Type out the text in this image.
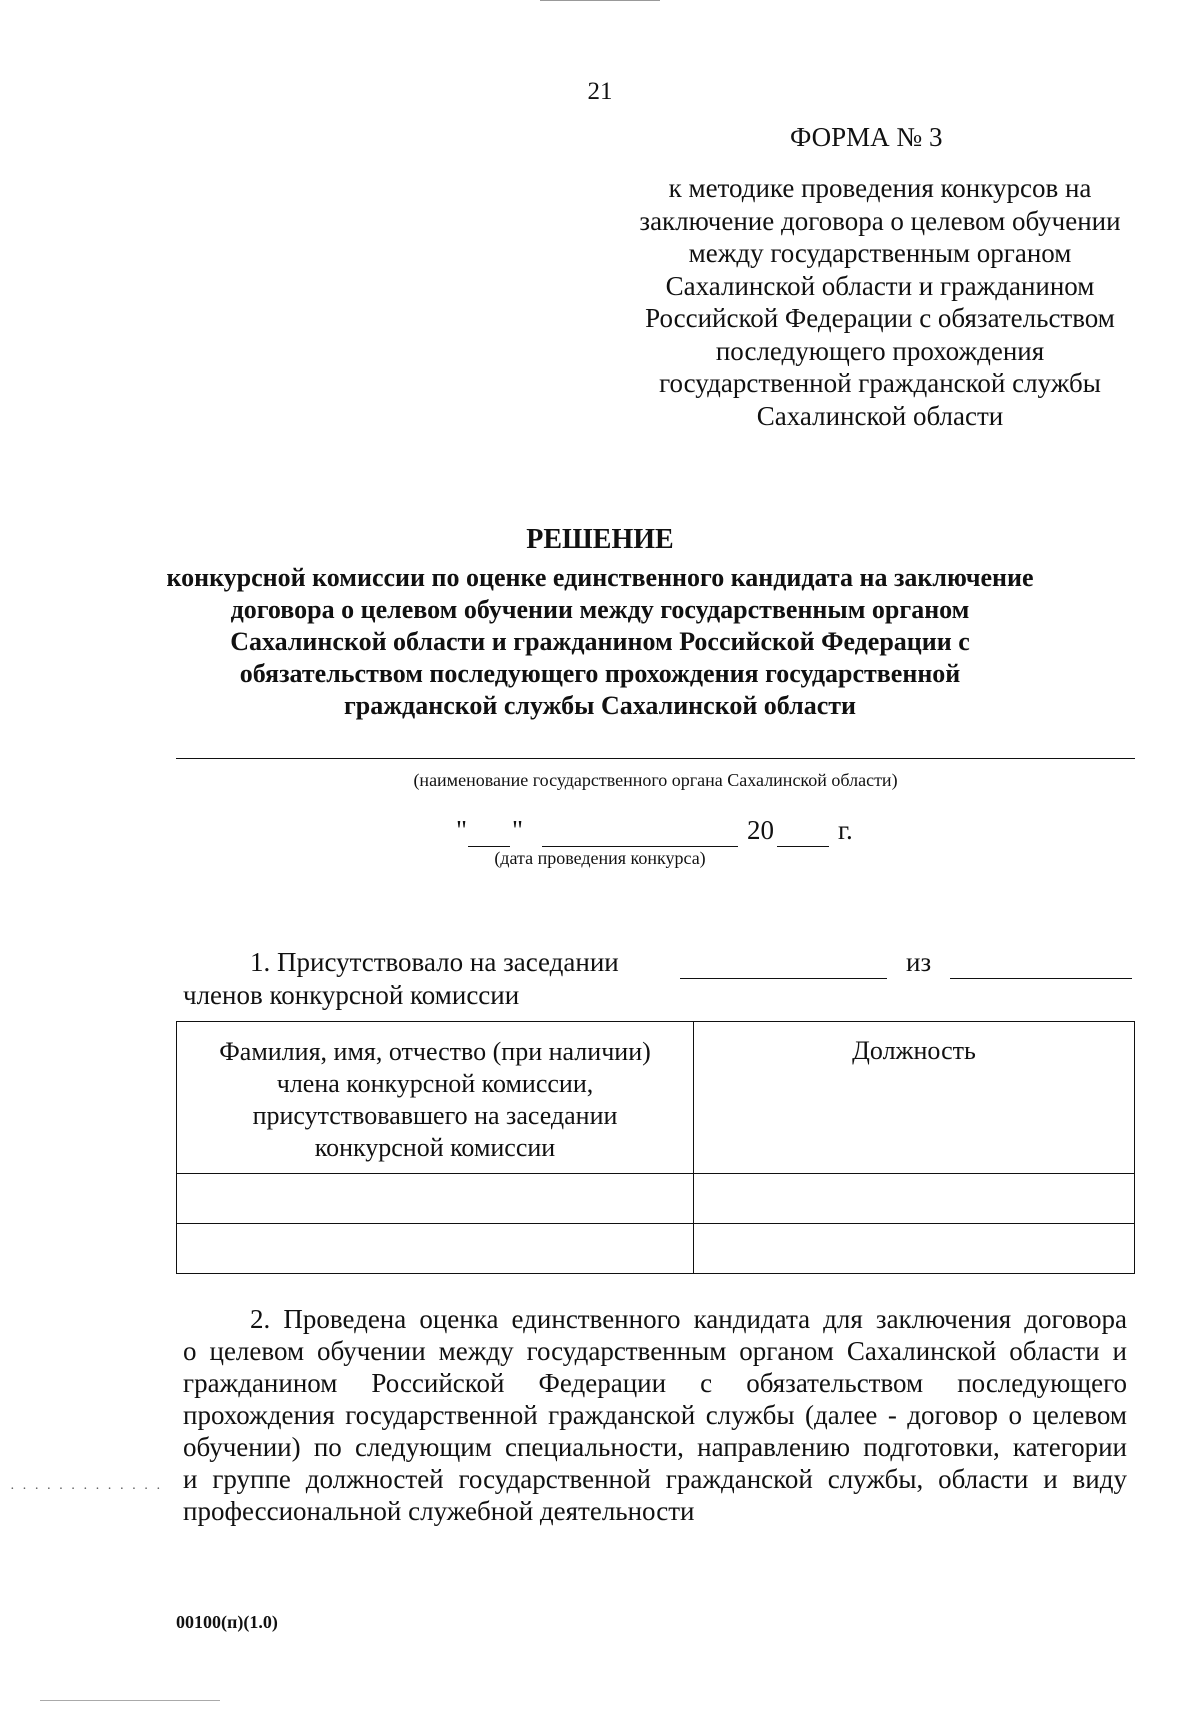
21
ФОРМА № 3
к методике проведения конкурсов на
заключение договора о целевом обучении
между государственным органом
Сахалинской области и гражданином
Российской Федерации с обязательством
последующего прохождения
государственной гражданской службы
Сахалинской области
РЕШЕНИЕ
конкурсной комиссии по оценке единственного кандидата на заключение
договора о целевом обучении между государственным органом
Сахалинской области и гражданином Российской Федерации с
обязательством последующего прохождения государственной
гражданской службы Сахалинской области
(наименование государственного органа Сахалинской области)
" "	20 г.
(дата проведения конкурса)
1. Присутствовало на заседании	из
членов конкурсной комиссии
Фамилия, имя, отчество (при наличии)
члена конкурсной комиссии,
присутствовавшего на заседании
конкурсной комиссии	Должность

2. Проведена оценка единственного кандидата для заключения договора
о целевом обучении между государственным органом Сахалинской области и
гражданином Российской Федерации с обязательством последующего
прохождения государственной гражданской службы (далее - договор о целевом
обучении) по следующим специальности, направлению подготовки, категории
и группе должностей государственной гражданской службы, области и виду
профессиональной служебной деятельности
· · · · · · · · · · · · ·
00100(п)(1.0)
